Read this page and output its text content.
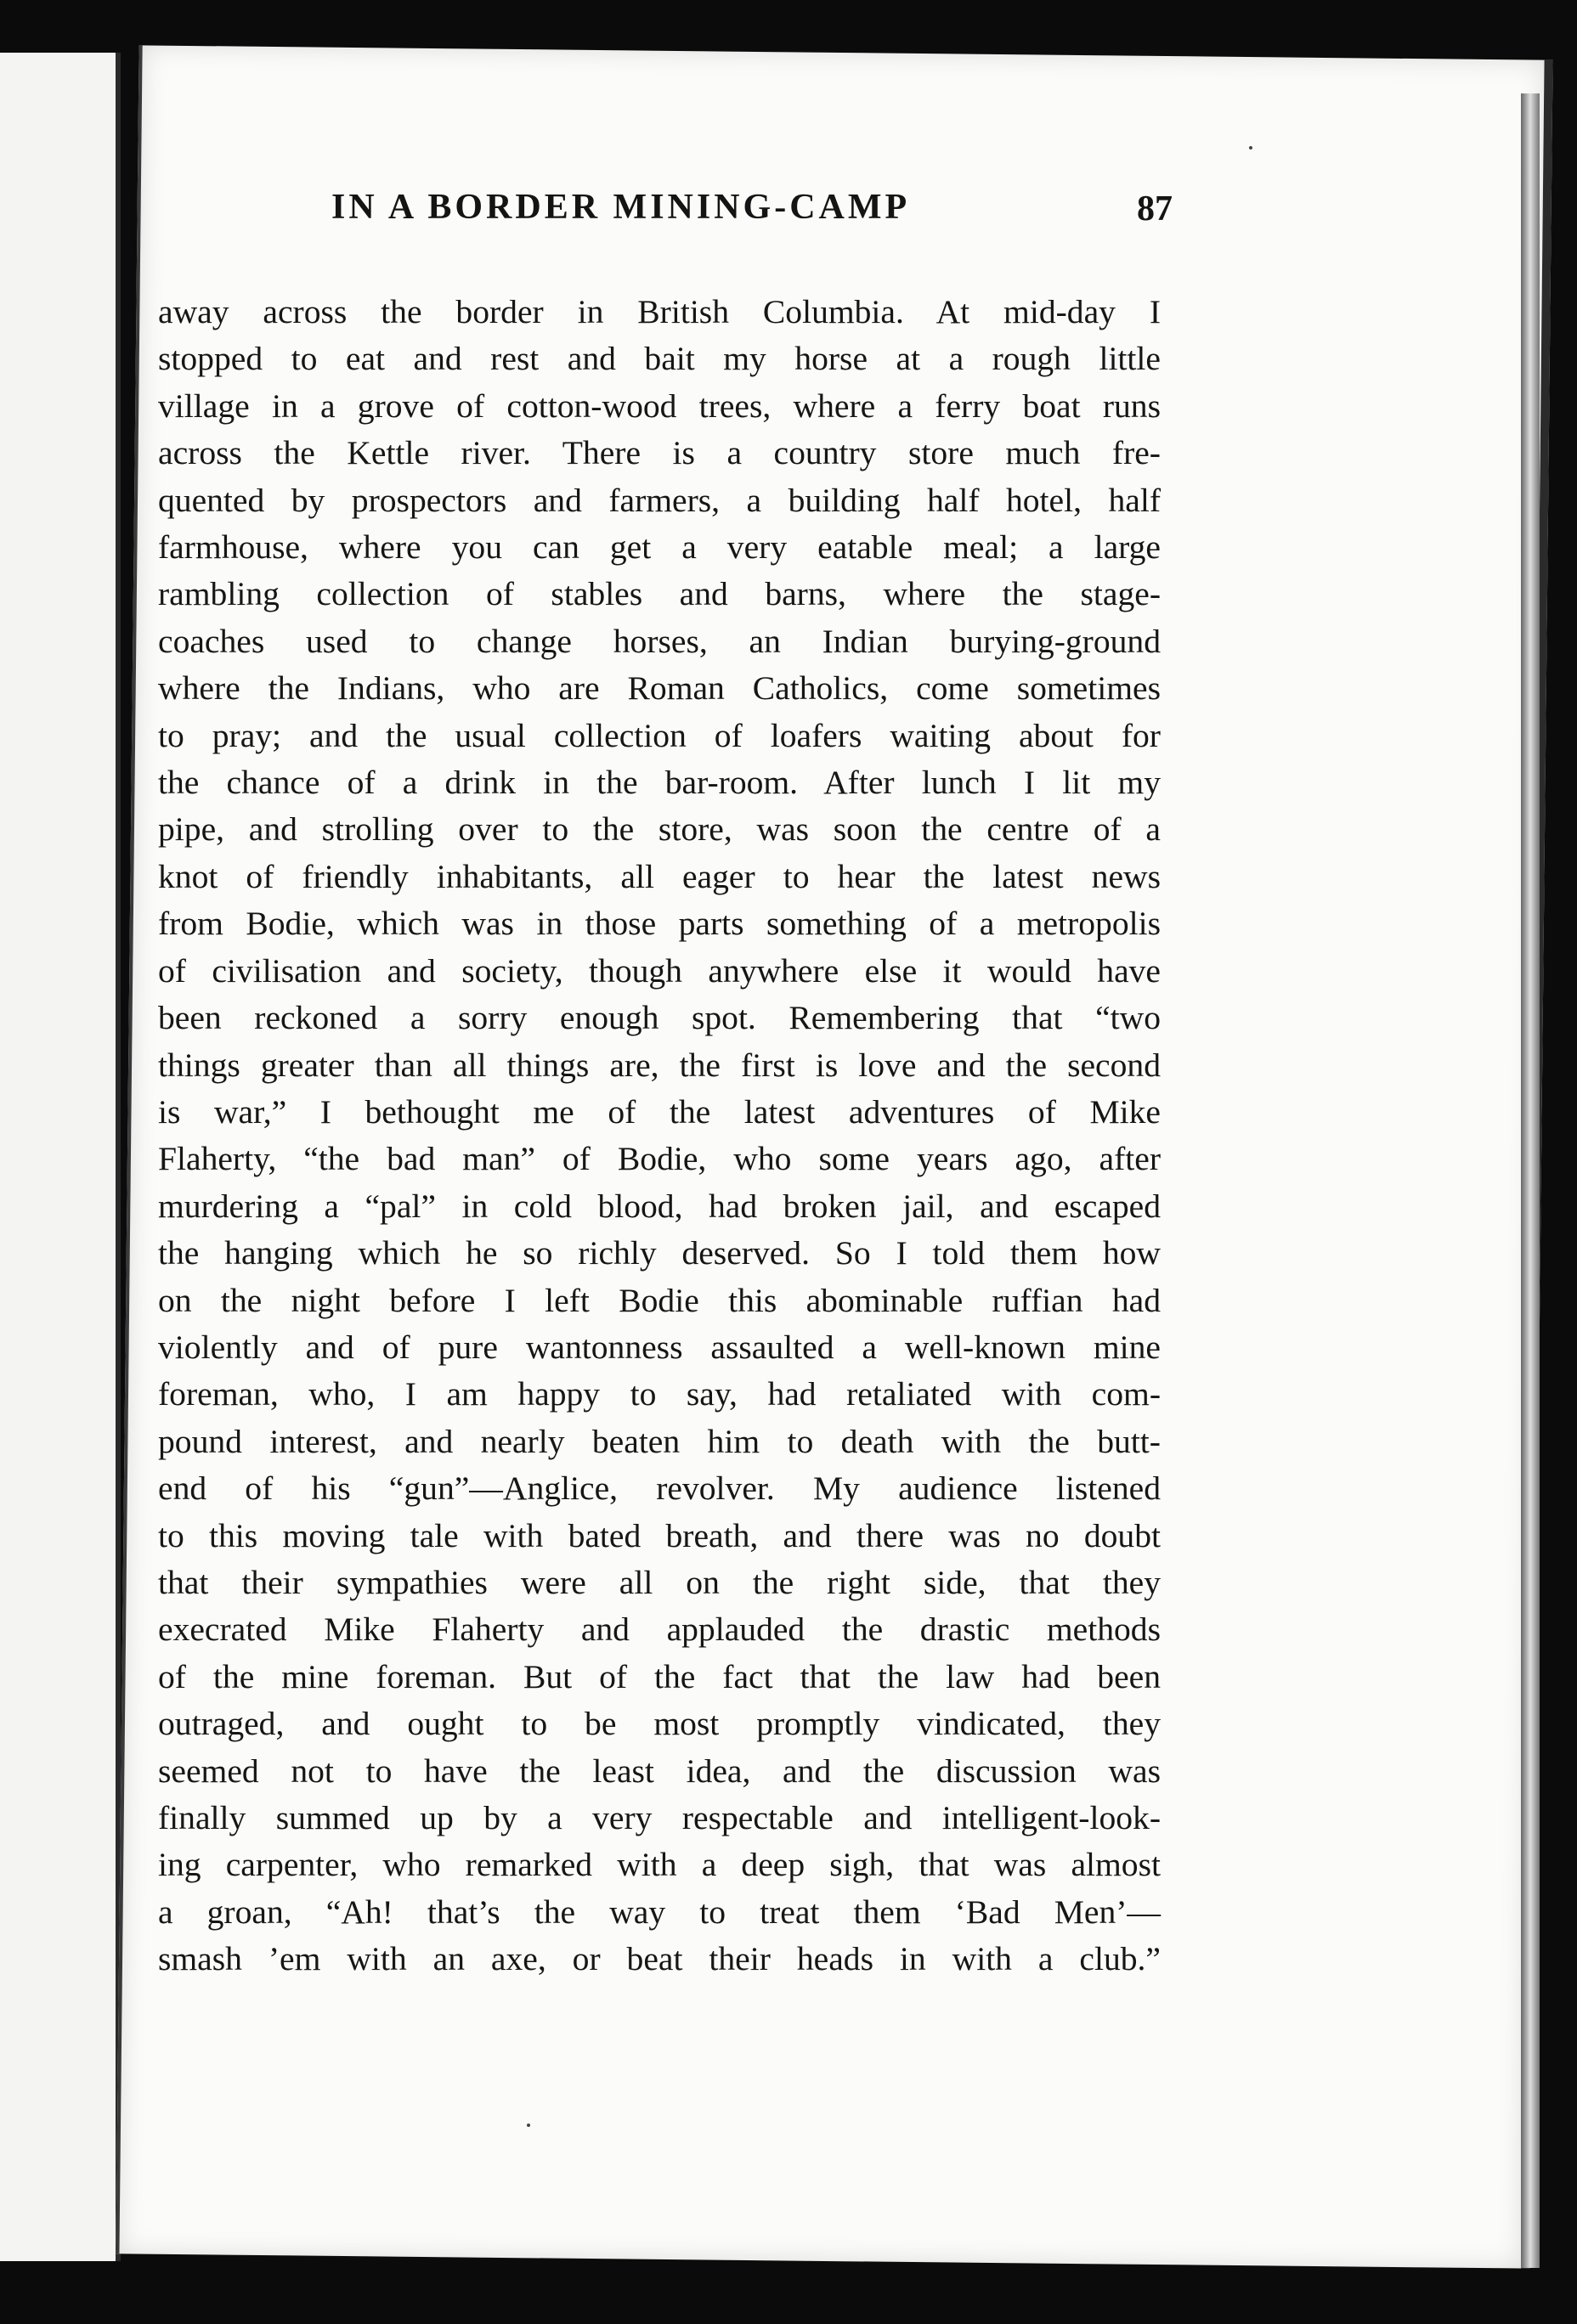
IN A BORDER MINING-CAMP	87
away across the border in British Columbia. At mid-day I
stopped to eat and rest and bait my horse at a rough little
village in a grove of cotton-wood trees, where a ferry boat runs
across the Kettle river. There is a country store much fre-
quented by prospectors and farmers, a building half hotel, half
farmhouse, where you can get a very eatable meal; a large
rambling collection of stables and barns, where the stage-
coaches used to change horses, an Indian burying-ground
where the Indians, who are Roman Catholics, come sometimes
to pray; and the usual collection of loafers waiting about for
the chance of a drink in the bar-room. After lunch I lit my
pipe, and strolling over to the store, was soon the centre of a
knot of friendly inhabitants, all eager to hear the latest news
from Bodie, which was in those parts something of a metropolis
of civilisation and society, though anywhere else it would have
been reckoned a sorry enough spot. Remembering that “two
things greater than all things are, the first is love and the second
is war,” I bethought me of the latest adventures of Mike
Flaherty, “the bad man” of Bodie, who some years ago, after
murdering a “pal” in cold blood, had broken jail, and escaped
the hanging which he so richly deserved. So I told them how
on the night before I left Bodie this abominable ruffian had
violently and of pure wantonness assaulted a well-known mine
foreman, who, I am happy to say, had retaliated with com-
pound interest, and nearly beaten him to death with the butt-
end of his “gun”—Anglice, revolver. My audience listened
to this moving tale with bated breath, and there was no doubt
that their sympathies were all on the right side, that they
execrated Mike Flaherty and applauded the drastic methods
of the mine foreman. But of the fact that the law had been
outraged, and ought to be most promptly vindicated, they
seemed not to have the least idea, and the discussion was
finally summed up by a very respectable and intelligent-look-
ing carpenter, who remarked with a deep sigh, that was almost
a groan, “Ah! that’s the way to treat them ‘Bad Men’—
smash ’em with an axe, or beat their heads in with a club.”
